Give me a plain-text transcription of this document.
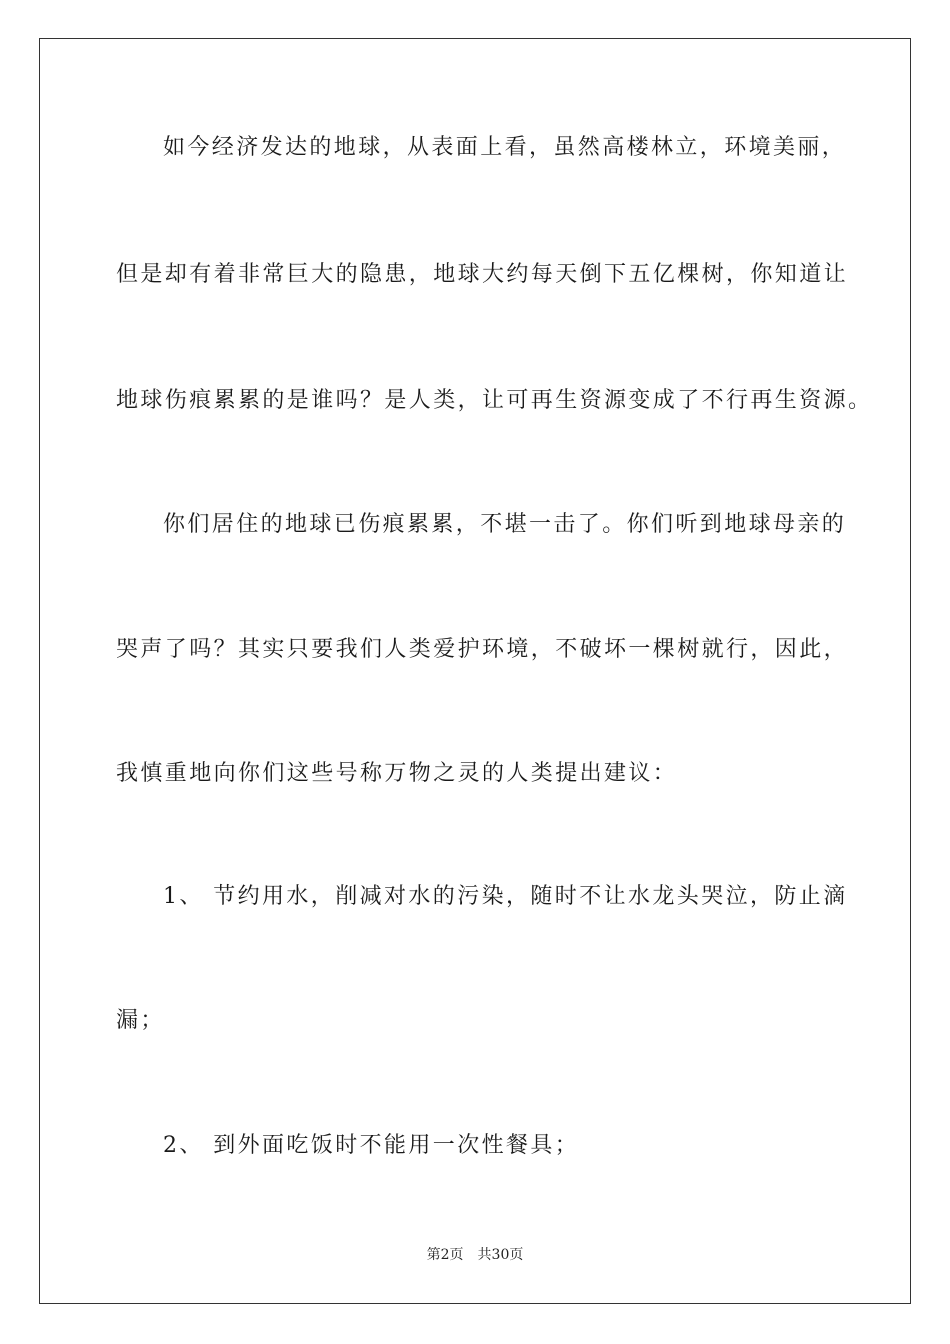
如今经济发达的地球，从表面上看，虽然高楼林立，环境美丽，
但是却有着非常巨大的隐患，地球大约每天倒下五亿棵树，你知道让
地球伤痕累累的是谁吗？是人类，让可再生资源变成了不行再生资源。
你们居住的地球已伤痕累累，不堪一击了。你们听到地球母亲的
哭声了吗？其实只要我们人类爱护环境，不破坏一棵树就行，因此，
我慎重地向你们这些号称万物之灵的人类提出建议：
1、 节约用水，削减对水的污染，随时不让水龙头哭泣，防止滴
漏；
2、 到外面吃饭时不能用一次性餐具；
第2页 共30页
